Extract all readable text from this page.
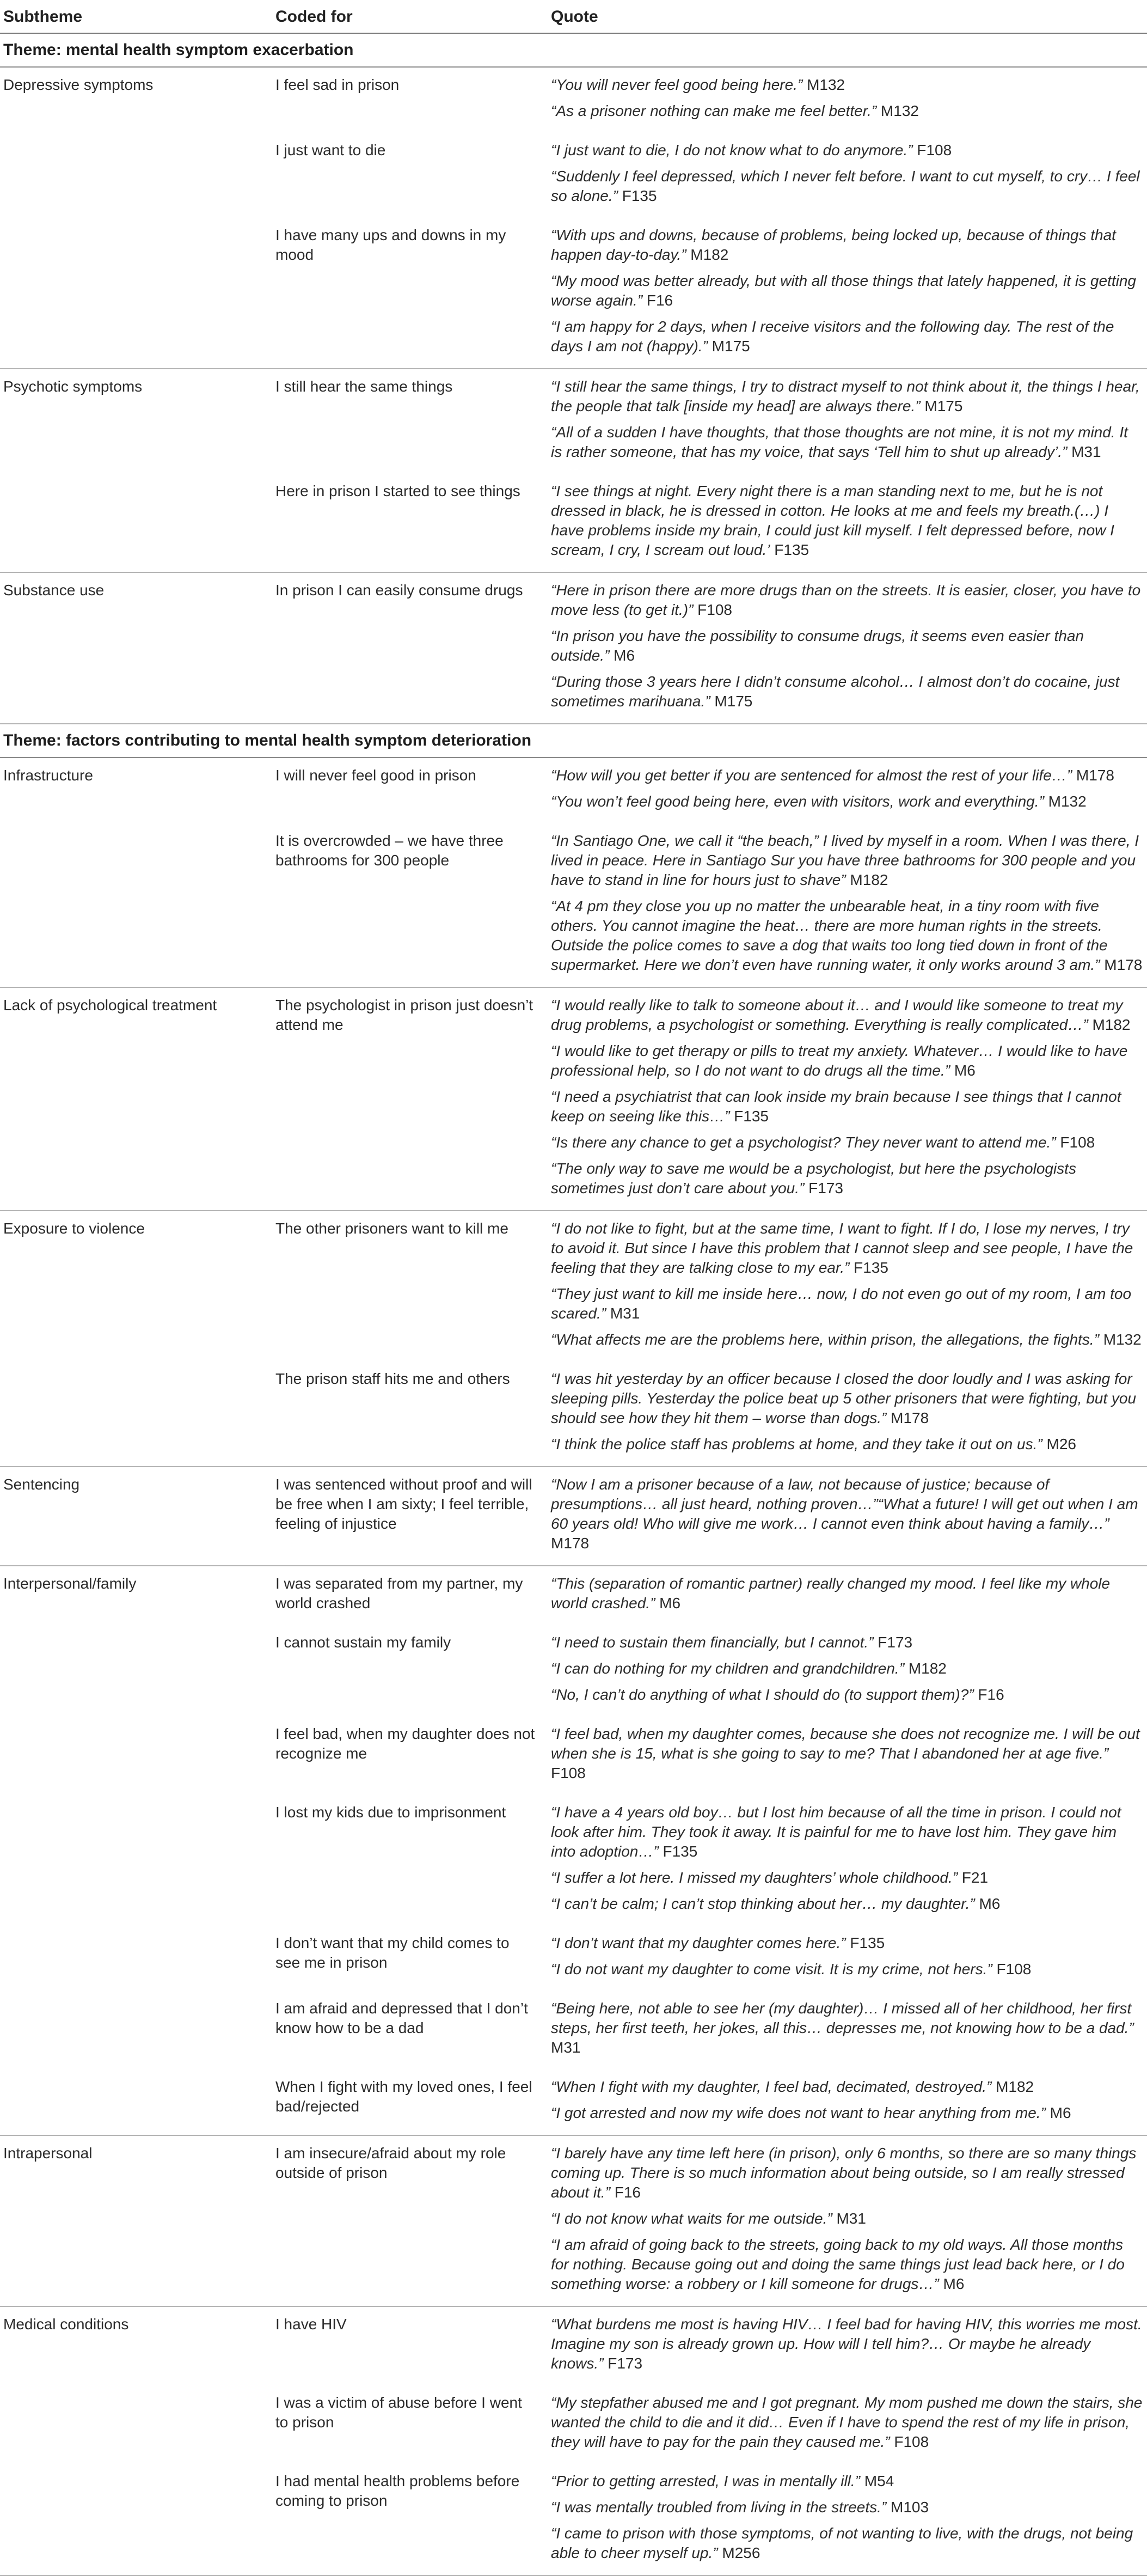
Subtheme	Coded for	Quote
Theme: mental health symptom exacerbation		
Depressive symptoms	I feel sad in prison	“You will never feel good being here.” M132
“As a prisoner nothing can make me feel better.” M132

	I just want to die	“I just want to die, I do not know what to do anymore.” F108
“Suddenly I feel depressed, which I never felt before. I want to cut myself, to cry… I feel so alone.” F135

	I have many ups and downs in my mood	“With ups and downs, because of problems, being locked up, because of things that happen day-to-day.” M182
“My mood was better already, but with all those things that lately happened, it is getting worse again.” F16
“I am happy for 2 days, when I receive visitors and the following day. The rest of the days I am not (happy).” M175

Psychotic symptoms	I still hear the same things	“I still hear the same things, I try to distract myself to not think about it, the things I hear, the people that talk [inside my head] are always there.” M175
“All of a sudden I have thoughts, that those thoughts are not mine, it is not my mind. It is rather someone, that has my voice, that says ‘Tell him to shut up already’.” M31

	Here in prison I started to see things	“I see things at night. Every night there is a man standing next to me, but he is not dressed in black, he is dressed in cotton. He looks at me and feels my breath.(…) I have problems inside my brain, I could just kill myself. I felt depressed before, now I scream, I cry, I scream out loud.’ F135

Substance use	In prison I can easily consume drugs	“Here in prison there are more drugs than on the streets. It is easier, closer, you have to move less (to get it.)” F108
“In prison you have the possibility to consume drugs, it seems even easier than outside.” M6
“During those 3 years here I didn’t consume alcohol… I almost don’t do cocaine, just sometimes marihuana.” M175

Theme: factors contributing to mental health symptom deterioration		
Infrastructure	I will never feel good in prison	“How will you get better if you are sentenced for almost the rest of your life…” M178
“You won’t feel good being here, even with visitors, work and everything.” M132

	It is overcrowded – we have three bathrooms for 300 people	“In Santiago One, we call it “the beach,” I lived by myself in a room. When I was there, I lived in peace. Here in Santiago Sur you have three bathrooms for 300 people and you have to stand in line for hours just to shave” M182
“At 4 pm they close you up no matter the unbearable heat, in a tiny room with five others. You cannot imagine the heat… there are more human rights in the streets. Outside the police comes to save a dog that waits too long tied down in front of the supermarket. Here we don’t even have running water, it only works around 3 am.” M178

Lack of psychological treatment	The psychologist in prison just doesn’t attend me	“I would really like to talk to someone about it… and I would like someone to treat my drug problems, a psychologist or something. Everything is really complicated…” M182
“I would like to get therapy or pills to treat my anxiety. Whatever… I would like to have professional help, so I do not want to do drugs all the time.” M6
“I need a psychiatrist that can look inside my brain because I see things that I cannot keep on seeing like this…” F135
“Is there any chance to get a psychologist? They never want to attend me.” F108
“The only way to save me would be a psychologist, but here the psychologists sometimes just don’t care about you.” F173

Exposure to violence	The other prisoners want to kill me	“I do not like to fight, but at the same time, I want to fight. If I do, I lose my nerves, I try to avoid it. But since I have this problem that I cannot sleep and see people, I have the feeling that they are talking close to my ear.” F135
“They just want to kill me inside here… now, I do not even go out of my room, I am too scared.” M31
“What affects me are the problems here, within prison, the allegations, the fights.” M132

	The prison staff hits me and others	“I was hit yesterday by an officer because I closed the door loudly and I was asking for sleeping pills. Yesterday the police beat up 5 other prisoners that were fighting, but you should see how they hit them – worse than dogs.” M178
“I think the police staff has problems at home, and they take it out on us.” M26

Sentencing	I was sentenced without proof and will be free when I am sixty; I feel terrible, feeling of injustice	“Now I am a prisoner because of a law, not because of justice; because of presumptions… all just heard, nothing proven…”“What a future! I will get out when I am 60 years old! Who will give me work… I cannot even think about having a family…” M178

Interpersonal/family	I was separated from my partner, my world crashed	“This (separation of romantic partner) really changed my mood. I feel like my whole world crashed.” M6

	I cannot sustain my family	“I need to sustain them financially, but I cannot.” F173
“I can do nothing for my children and grandchildren.” M182
“No, I can’t do anything of what I should do (to support them)?” F16

	I feel bad, when my daughter does not recognize me	“I feel bad, when my daughter comes, because she does not recognize me. I will be out when she is 15, what is she going to say to me? That I abandoned her at age five.” F108

	I lost my kids due to imprisonment	“I have a 4 years old boy… but I lost him because of all the time in prison. I could not look after him. They took it away. It is painful for me to have lost him. They gave him into adoption…” F135
“I suffer a lot here. I missed my daughters’ whole childhood.” F21
“I can’t be calm; I can’t stop thinking about her… my daughter.” M6

	I don’t want that my child comes to see me in prison	“I don’t want that my daughter comes here.” F135
“I do not want my daughter to come visit. It is my crime, not hers.” F108

	I am afraid and depressed that I don’t know how to be a dad	“Being here, not able to see her (my daughter)… I missed all of her childhood, her first steps, her first teeth, her jokes, all this… depresses me, not knowing how to be a dad.” M31

	When I fight with my loved ones, I feel bad/rejected	“When I fight with my daughter, I feel bad, decimated, destroyed.” M182
“I got arrested and now my wife does not want to hear anything from me.” M6

Intrapersonal	I am insecure/afraid about my role outside of prison	“I barely have any time left here (in prison), only 6 months, so there are so many things coming up. There is so much information about being outside, so I am really stressed about it.” F16
“I do not know what waits for me outside.” M31
“I am afraid of going back to the streets, going back to my old ways. All those months for nothing. Because going out and doing the same things just lead back here, or I do something worse: a robbery or I kill someone for drugs…” M6

Medical conditions	I have HIV	“What burdens me most is having HIV… I feel bad for having HIV, this worries me most. Imagine my son is already grown up. How will I tell him?… Or maybe he already knows.” F173

	I was a victim of abuse before I went to prison	“My stepfather abused me and I got pregnant. My mom pushed me down the stairs, she wanted the child to die and it did… Even if I have to spend the rest of my life in prison, they will have to pay for the pain they caused me.” F108

	I had mental health problems before coming to prison	“Prior to getting arrested, I was in mentally ill.” M54
“I was mentally troubled from living in the streets.” M103
“I came to prison with those symptoms, of not wanting to live, with the drugs, not being able to cheer myself up.” M256
